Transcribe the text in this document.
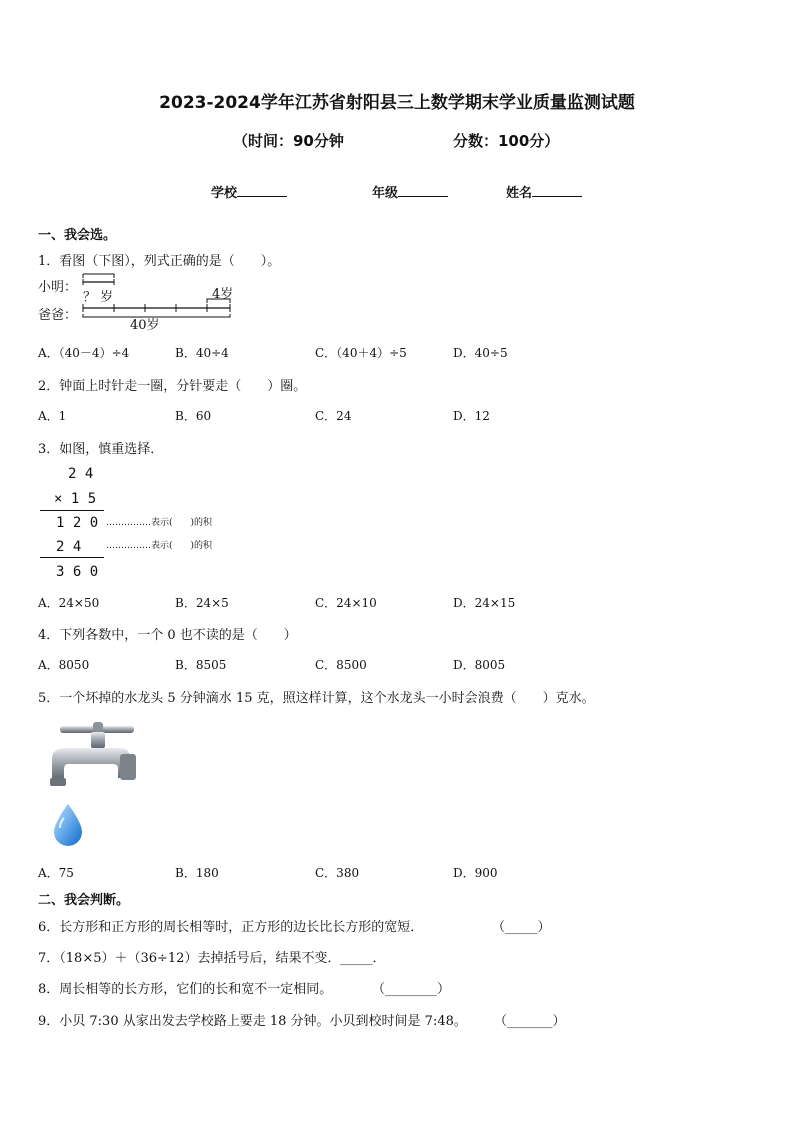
2023-2024学年江苏省射阳县三上数学期末学业质量监测试题
（时间：90分钟	分数：100分）
学校	年级	姓名
一、我会选。
1．看图（下图），列式正确的是（　　）。
小明：
爸爸：
？ 岁	4岁
40岁
A．（40－4）÷4	B．40÷4	C．（40＋4）÷5	D．40÷5
2．钟面上时针走一圈，分针要走（　　）圈。
A．1	B．60	C．24	D．12
3．如图，慎重选择．
2 4
× 1 5
1 2 0
2 4
3 6 0
……………表示(　　)的积
……………表示(　　)的积
A．24×50	B．24×5	C．24×10	D．24×15
4．下列各数中，一个 0 也不读的是（　　）
A．8050	B．8505	C．8500	D．8005
5．一个坏掉的水龙头 5 分钟滴水 15 克，照这样计算，这个水龙头一小时会浪费（　　）克水。
A．75	B．180	C．380	D．900
二、我会判断。
6．长方形和正方形的周长相等时，正方形的边长比长方形的宽短．	（_____）
7．（18×5）＋（36÷12）去掉括号后，结果不变． _____．
8．周长相等的长方形，它们的长和宽不一定相同。	（________）
9．小贝 7:30 从家出发去学校路上要走 18 分钟。小贝到校时间是 7:48。 （_______）
